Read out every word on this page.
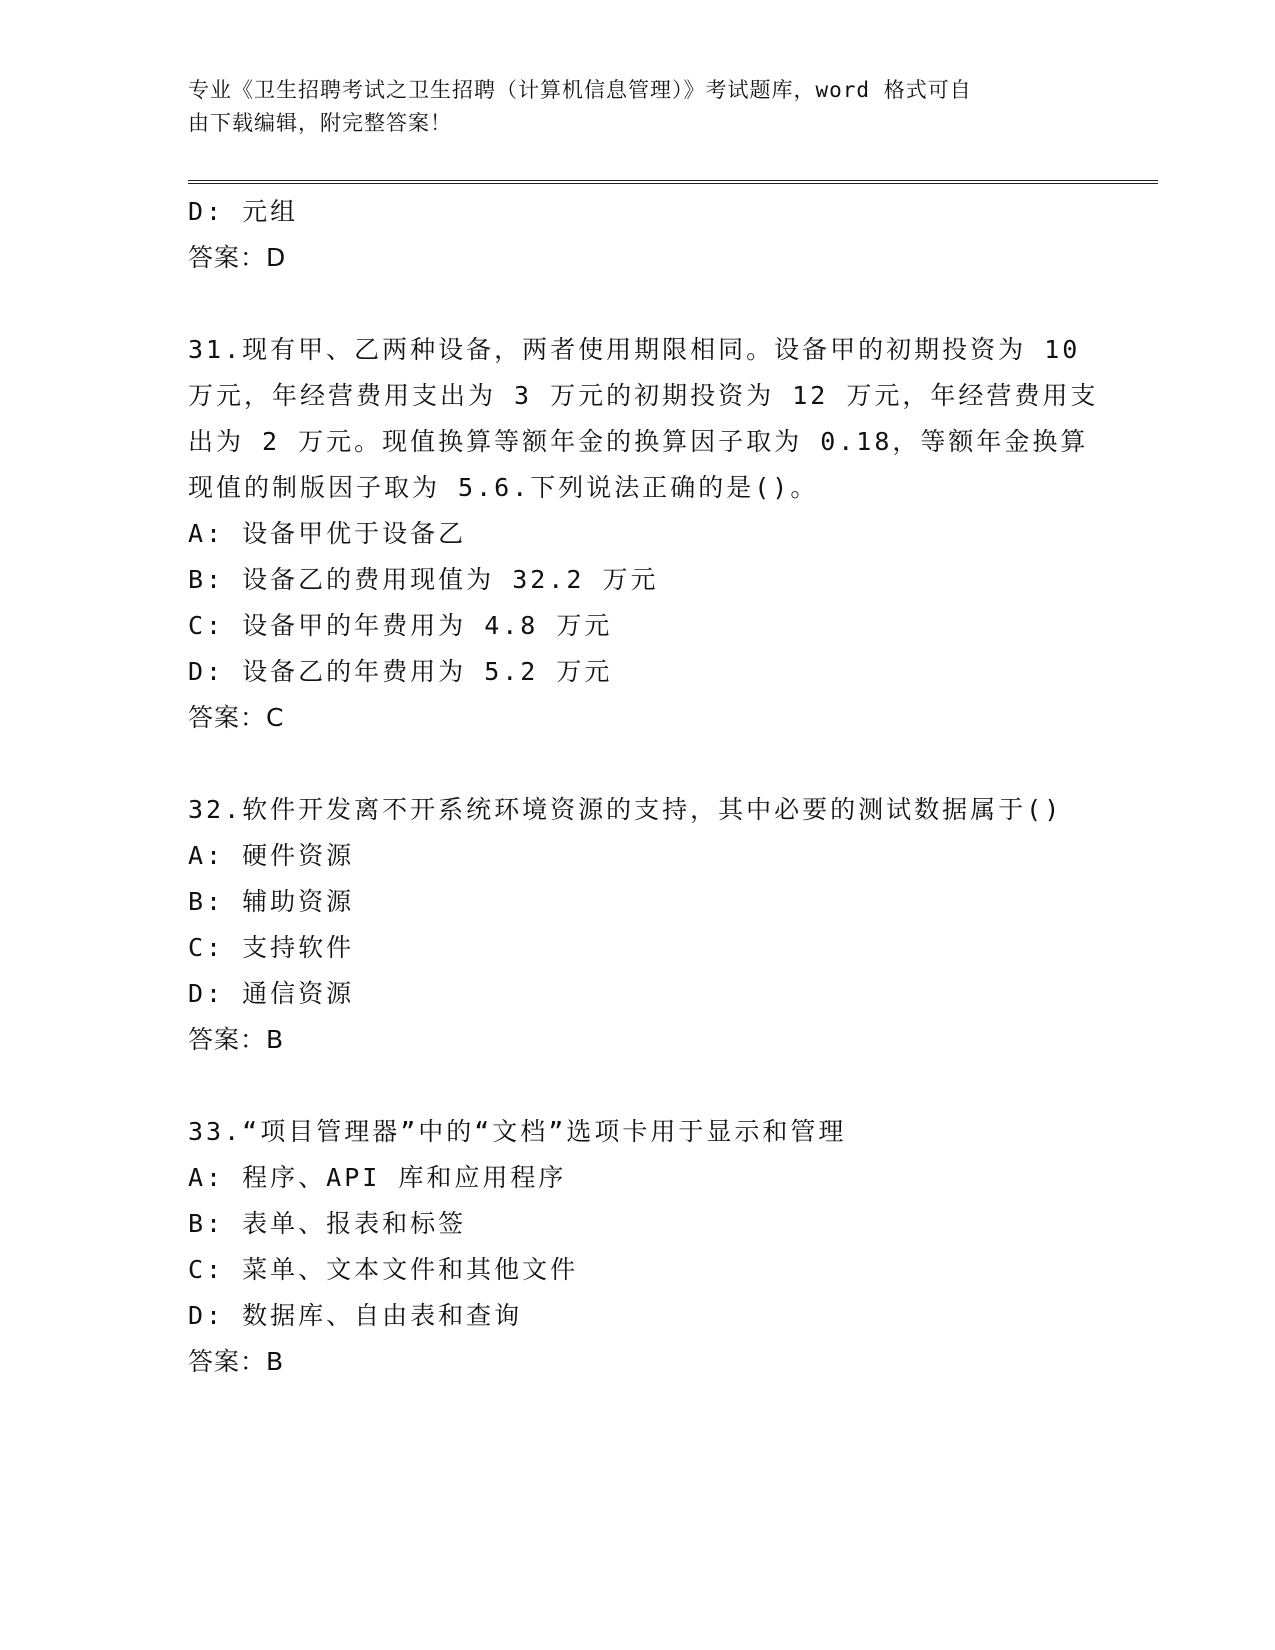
专业《卫生招聘考试之卫生招聘（计算机信息管理）》考试题库，word 格式可自
由下载编辑，附完整答案！
D: 元组
答案：D
31.现有甲、乙两种设备，两者使用期限相同。设备甲的初期投资为 10
万元，年经营费用支出为 3 万元的初期投资为 12 万元，年经营费用支
出为 2 万元。现值换算等额年金的换算因子取为 0.18，等额年金换算
现值的制版因子取为 5.6.下列说法正确的是()。
A: 设备甲优于设备乙
B: 设备乙的费用现值为 32.2 万元
C: 设备甲的年费用为 4.8 万元
D: 设备乙的年费用为 5.2 万元
答案：C
32.软件开发离不开系统环境资源的支持，其中必要的测试数据属于()
A: 硬件资源
B: 辅助资源
C: 支持软件
D: 通信资源
答案：B
33.“项目管理器”中的“文档”选项卡用于显示和管理
A: 程序、API 库和应用程序
B: 表单、报表和标签
C: 菜单、文本文件和其他文件
D: 数据库、自由表和查询
答案：B
